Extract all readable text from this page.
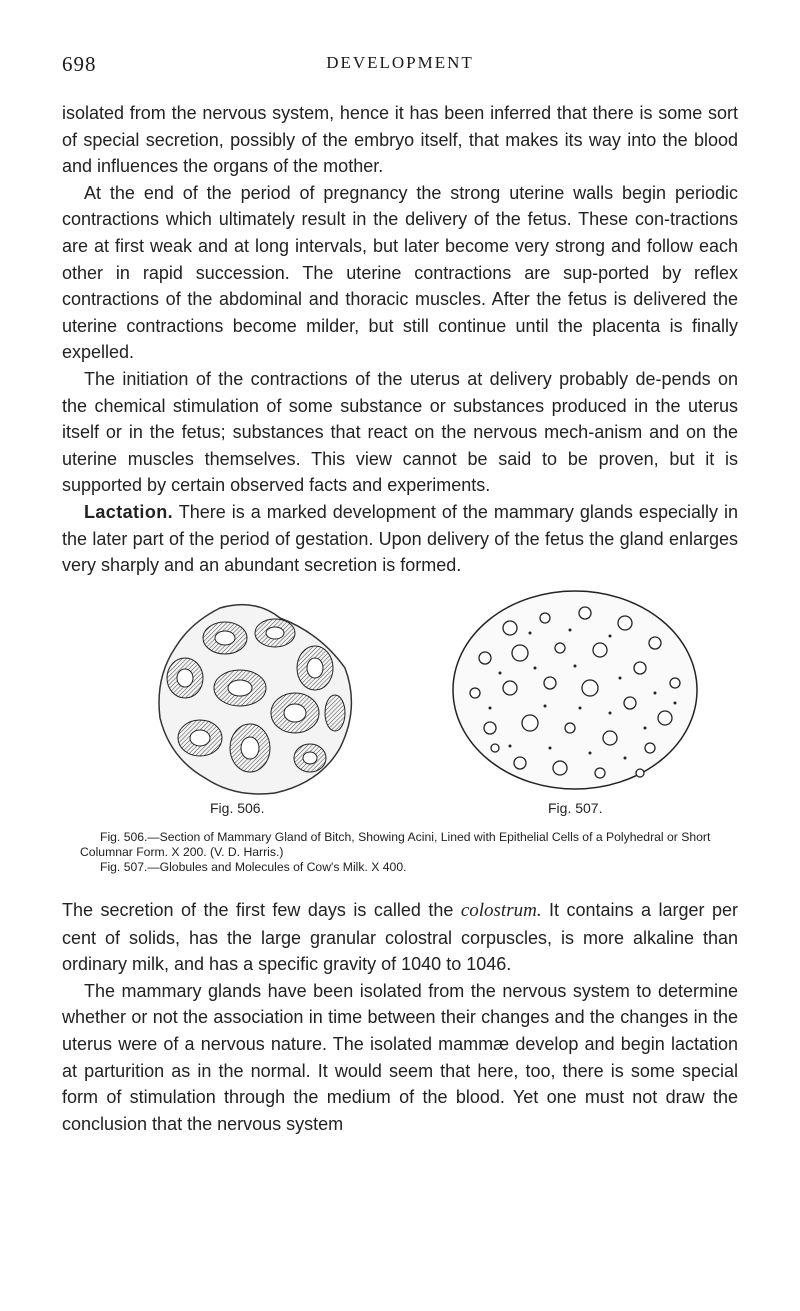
698	DEVELOPMENT

isolated from the nervous system, hence it has been inferred that there is some sort of special secretion, possibly of the embryo itself, that makes its way into the blood and influences the organs of the mother.

At the end of the period of pregnancy the strong uterine walls begin periodic contractions which ultimately result in the delivery of the fetus. These con-tractions are at first weak and at long intervals, but later become very strong and follow each other in rapid succession. The uterine contractions are sup-ported by reflex contractions of the abdominal and thoracic muscles. After the fetus is delivered the uterine contractions become milder, but still continue until the placenta is finally expelled.

The initiation of the contractions of the uterus at delivery probably de-pends on the chemical stimulation of some substance or substances produced in the uterus itself or in the fetus; substances that react on the nervous mech-anism and on the uterine muscles themselves. This view cannot be said to be proven, but it is supported by certain observed facts and experiments.

Lactation. There is a marked development of the mammary glands especially in the later part of the period of gestation. Upon delivery of the fetus the gland enlarges very sharply and an abundant secretion is formed.

Fig. 506.	Fig. 507.

Fig. 506.—Section of Mammary Gland of Bitch, Showing Acini, Lined with Epithelial Cells of a Polyhedral or Short Columnar Form. X 200. (V. D. Harris.)

Fig. 507.—Globules and Molecules of Cow's Milk. X 400.

The secretion of the first few days is called the colostrum. It contains a larger per cent of solids, has the large granular colostral corpuscles, is more alkaline than ordinary milk, and has a specific gravity of 1040 to 1046.

The mammary glands have been isolated from the nervous system to determine whether or not the association in time between their changes and the changes in the uterus were of a nervous nature. The isolated mammæ develop and begin lactation at parturition as in the normal. It would seem that here, too, there is some special form of stimulation through the medium of the blood. Yet one must not draw the conclusion that the nervous system
